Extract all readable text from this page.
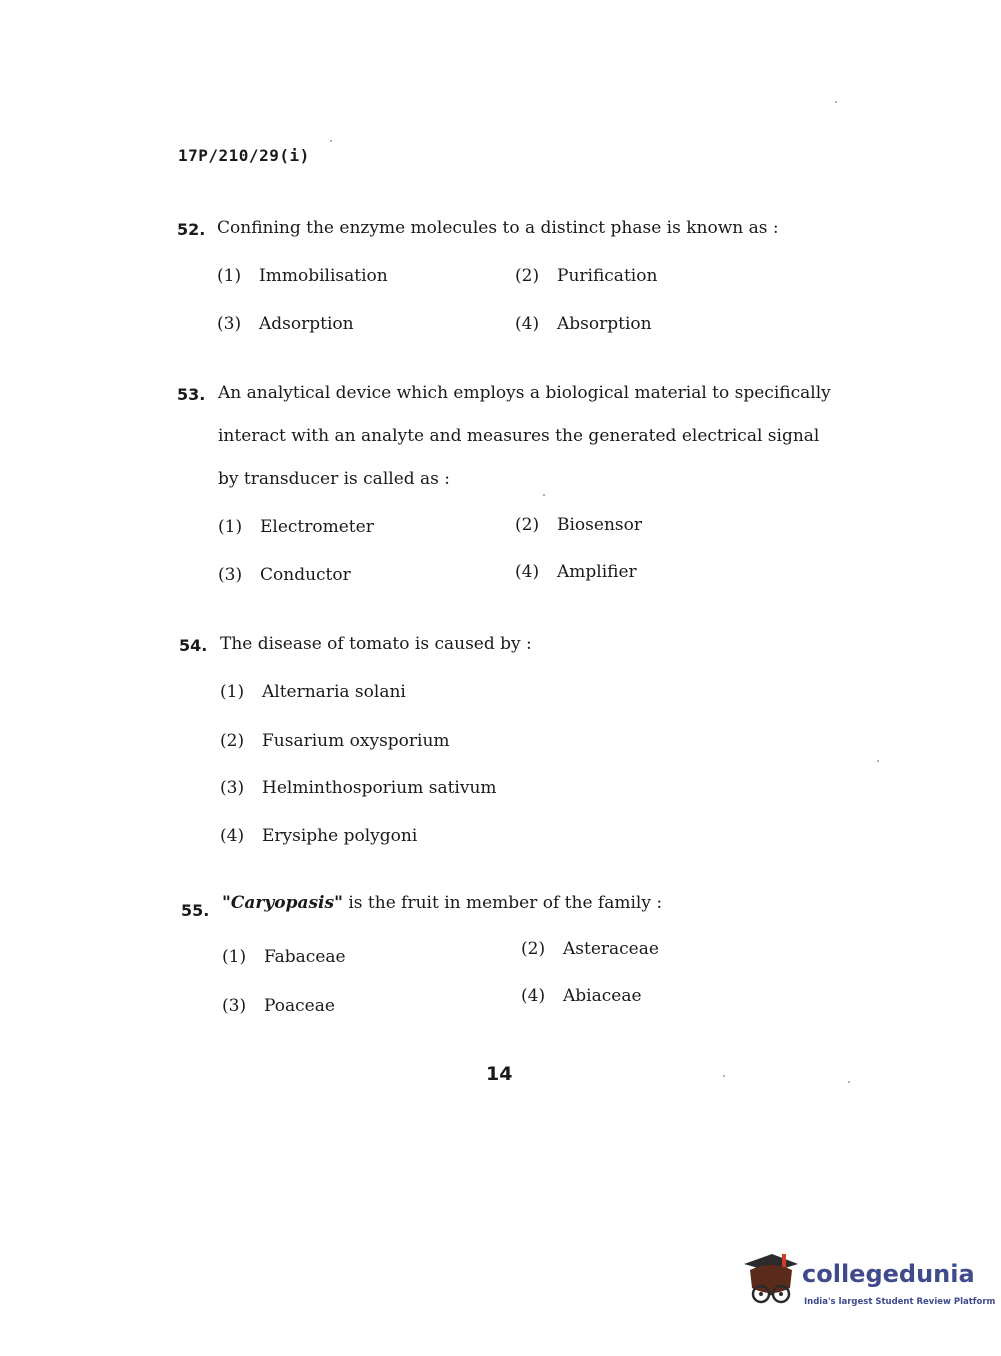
17P/210/29(i)
52. Confining the enzyme molecules to a distinct phase is known as :
(1) Immobilisation	(2) Purification
(3) Adsorption	(4) Absorption
53. An analytical device which employs a biological material to specifically
interact with an analyte and measures the generated electrical signal
by transducer is called as :
(1) Electrometer	(2) Biosensor
(3) Conductor	(4) Amplifier
54. The disease of tomato is caused by :
(1) Alternaria solani
(2) Fusarium oxysporium
(3) Helminthosporium sativum
(4) Erysiphe polygoni
55. "Caryopasis" is the fruit in member of the family :
(1) Fabaceae	(2) Asteraceae
(3) Poaceae	(4) Abiaceae
14
collegedunia
India's largest Student Review Platform
